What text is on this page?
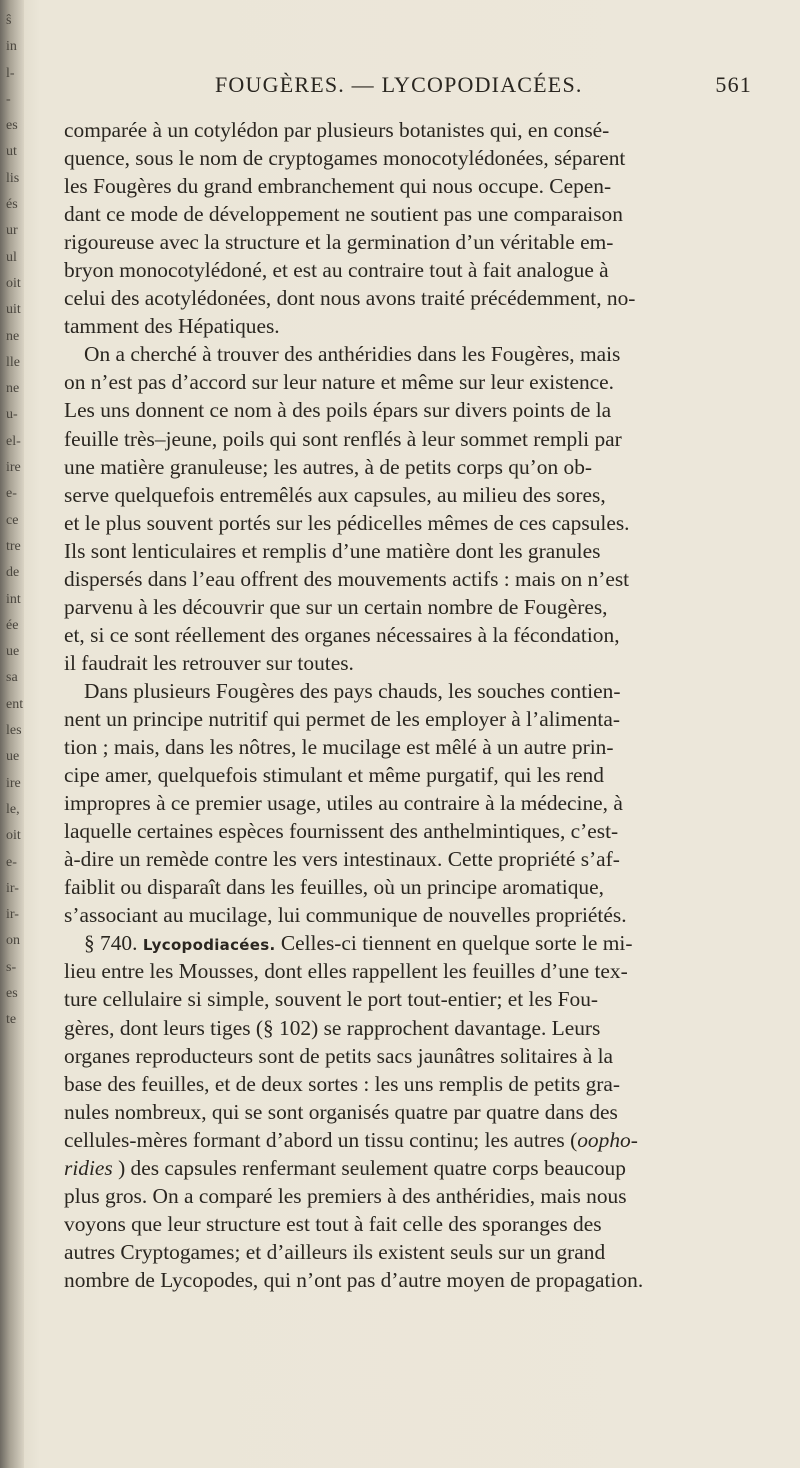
ŝ
in
l-
-
es
ut
lis
és
ur
ul
oit
uit
ne
lle
ne
u-
el-
ire
e-
ce
tre
de
int
ée
ue
sa
ent
les
ue
ire
le,
oit
e-
ir-
ir-
on
s-
es
te
FOUGÈRES. — LYCOPODIACÉES.	561
comparée à un cotylédon par plusieurs botanistes qui, en consé-
quence, sous le nom de cryptogames monocotylédonées, séparent
les Fougères du grand embranchement qui nous occupe. Cepen-
dant ce mode de développement ne soutient pas une comparaison
rigoureuse avec la structure et la germination d’un véritable em-
bryon monocotylédoné, et est au contraire tout à fait analogue à
celui des acotylédonées, dont nous avons traité précédemment, no-
tamment des Hépatiques.
On a cherché à trouver des anthéridies dans les Fougères, mais
on n’est pas d’accord sur leur nature et même sur leur existence.
Les uns donnent ce nom à des poils épars sur divers points de la
feuille très–jeune, poils qui sont renflés à leur sommet rempli par
une matière granuleuse; les autres, à de petits corps qu’on ob-
serve quelquefois entremêlés aux capsules, au milieu des sores,
et le plus souvent portés sur les pédicelles mêmes de ces capsules.
Ils sont lenticulaires et remplis d’une matière dont les granules
dispersés dans l’eau offrent des mouvements actifs : mais on n’est
parvenu à les découvrir que sur un certain nombre de Fougères,
et, si ce sont réellement des organes nécessaires à la fécondation,
il faudrait les retrouver sur toutes.
Dans plusieurs Fougères des pays chauds, les souches contien-
nent un principe nutritif qui permet de les employer à l’alimenta-
tion ; mais, dans les nôtres, le mucilage est mêlé à un autre prin-
cipe amer, quelquefois stimulant et même purgatif, qui les rend
impropres à ce premier usage, utiles au contraire à la médecine, à
laquelle certaines espèces fournissent des anthelmintiques, c’est-
à-dire un remède contre les vers intestinaux. Cette propriété s’af-
faiblit ou disparaît dans les feuilles, où un principe aromatique,
s’associant au mucilage, lui communique de nouvelles propriétés.
§ 740. Lycopodiacées. Celles-ci tiennent en quelque sorte le mi-
lieu entre les Mousses, dont elles rappellent les feuilles d’une tex-
ture cellulaire si simple, souvent le port tout-entier; et les Fou-
gères, dont leurs tiges (§ 102) se rapprochent davantage. Leurs
organes reproducteurs sont de petits sacs jaunâtres solitaires à la
base des feuilles, et de deux sortes : les uns remplis de petits gra-
nules nombreux, qui se sont organisés quatre par quatre dans des
cellules-mères formant d’abord un tissu continu; les autres (oopho-
ridies ) des capsules renfermant seulement quatre corps beaucoup
plus gros. On a comparé les premiers à des anthéridies, mais nous
voyons que leur structure est tout à fait celle des sporanges des
autres Cryptogames; et d’ailleurs ils existent seuls sur un grand
nombre de Lycopodes, qui n’ont pas d’autre moyen de propagation.
